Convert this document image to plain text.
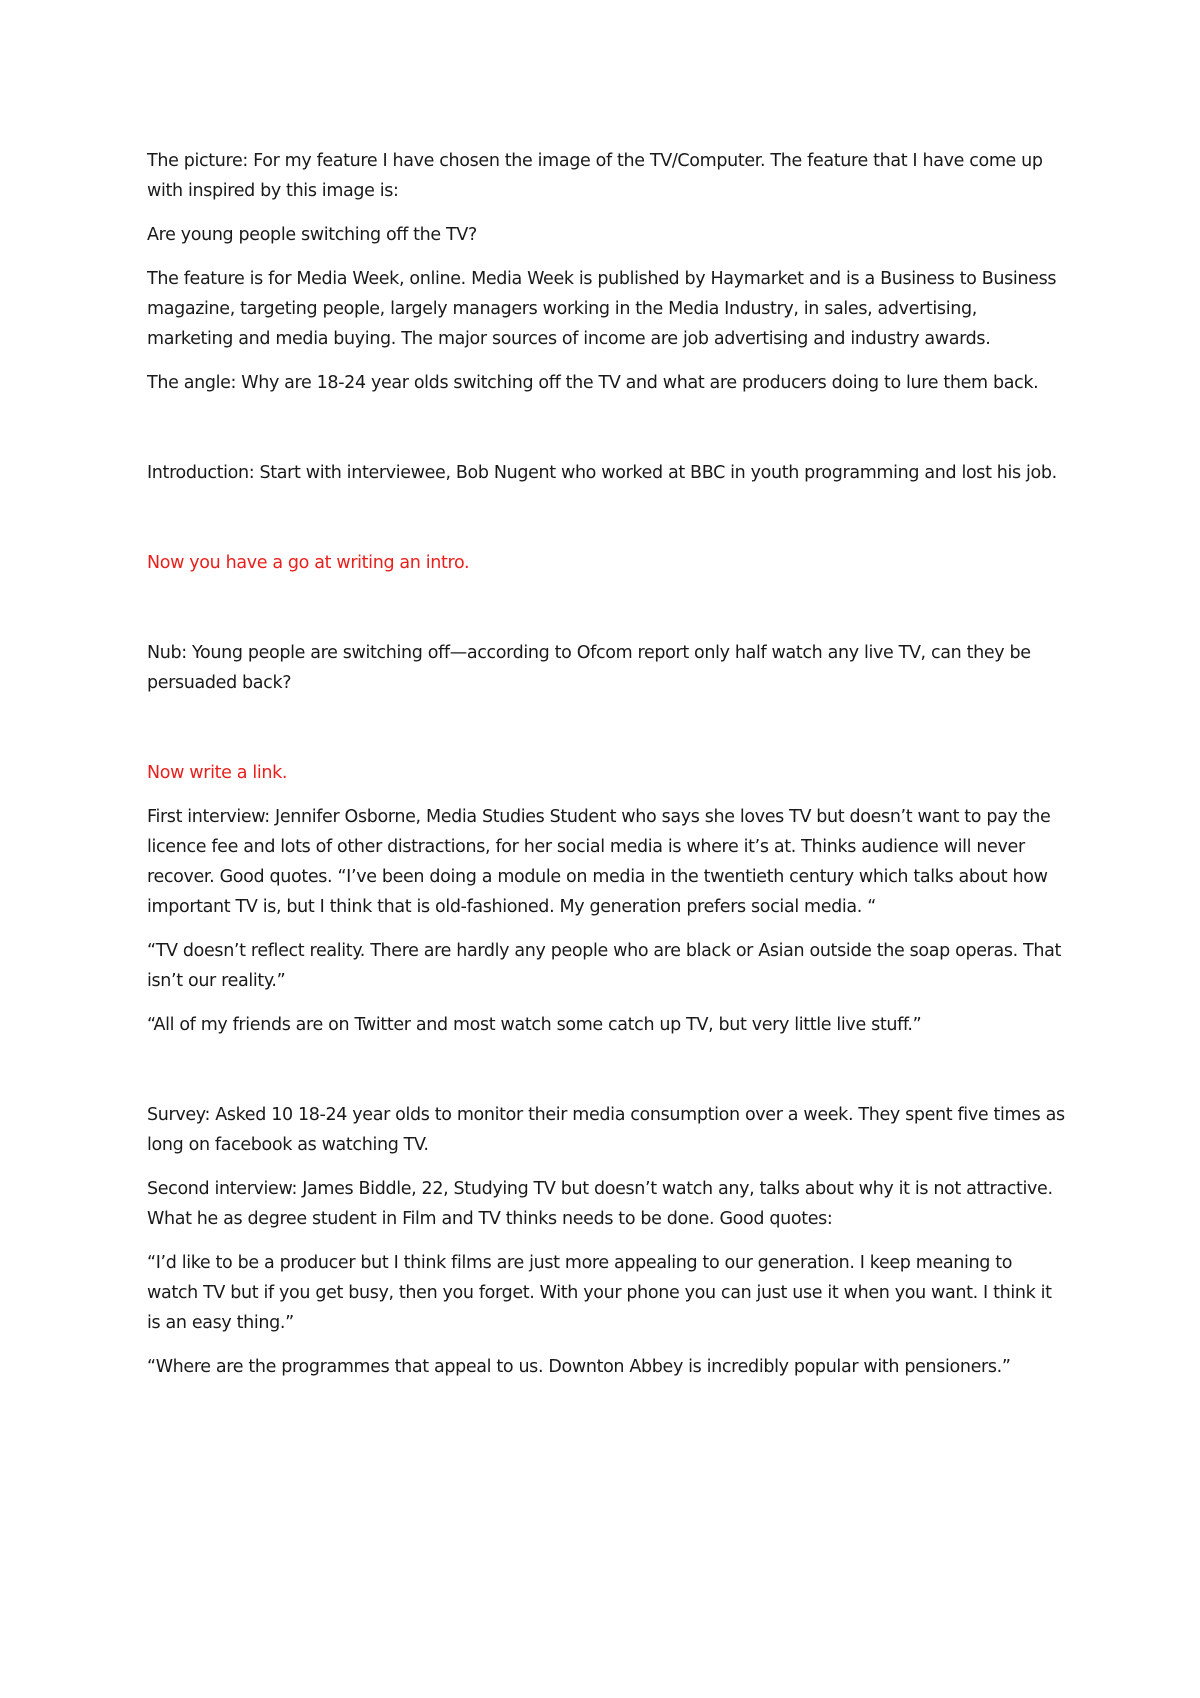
The picture: For my feature I have chosen the image of the TV/Computer. The feature that I have come up with inspired by this image is:

Are young people switching off the TV?

The feature is for Media Week, online. Media Week is published by Haymarket and is a Business to Business magazine, targeting people, largely managers working in the Media Industry, in sales, advertising, marketing and media buying. The major sources of income are job advertising and industry awards.

The angle: Why are 18-24 year olds switching off the TV and what are producers doing to lure them back.

Introduction: Start with interviewee, Bob Nugent who worked at BBC in youth programming and lost his job.

Now you have a go at writing an intro.

Nub: Young people are switching off—according to Ofcom report only half watch any live TV, can they be persuaded back?

Now write a link.

First interview: Jennifer Osborne, Media Studies Student who says she loves TV but doesn’t want to pay the licence fee and lots of other distractions, for her social media is where it’s at. Thinks audience will never recover. Good quotes. “I’ve been doing a module on media in the twentieth century which talks about how important TV is, but I think that is old-fashioned. My generation prefers social media. “

“TV doesn’t reflect reality. There are hardly any people who are black or Asian outside the soap operas. That isn’t our reality.”

“All of my friends are on Twitter and most watch some catch up TV, but very little live stuff.”

Survey: Asked 10 18-24 year olds to monitor their media consumption over a week. They spent five times as long on facebook as watching TV.

Second interview: James Biddle, 22, Studying TV but doesn’t watch any, talks about why it is not attractive. What he as degree student in Film and TV thinks needs to be done. Good quotes:

“I’d like to be a producer but I think films are just more appealing to our generation. I keep meaning to watch TV but if you get busy, then you forget. With your phone you can just use it when you want. I think it is an easy thing.”

“Where are the programmes that appeal to us. Downton Abbey is incredibly popular with pensioners.”
